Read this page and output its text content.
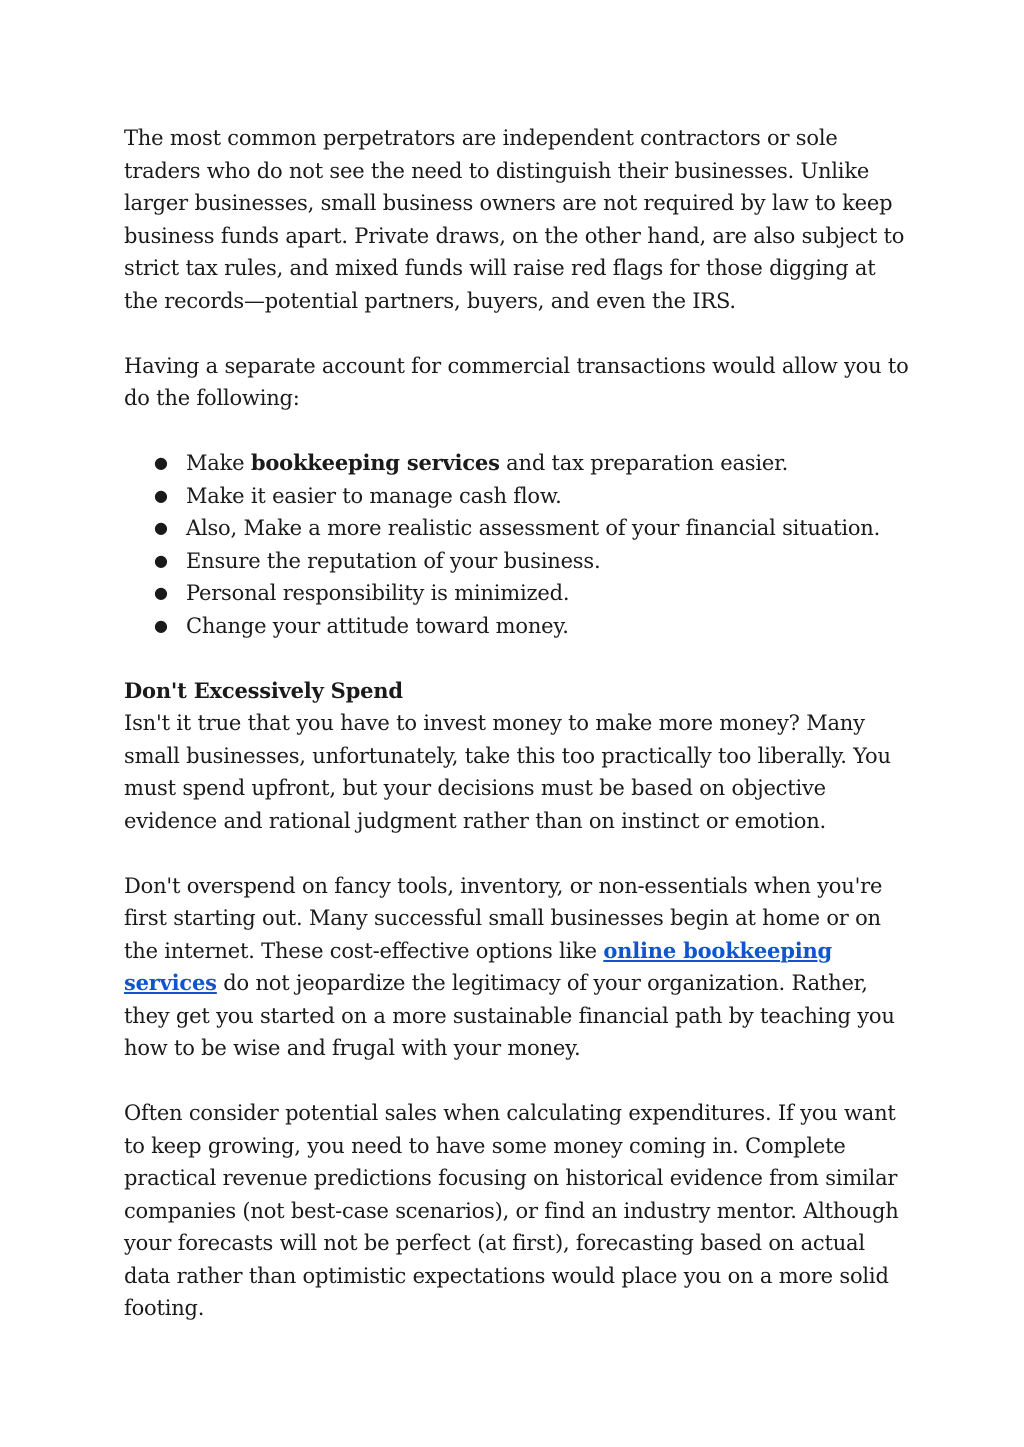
The most common perpetrators are independent contractors or sole traders who do not see the need to distinguish their businesses. Unlike larger businesses, small business owners are not required by law to keep business funds apart. Private draws, on the other hand, are also subject to strict tax rules, and mixed funds will raise red flags for those digging at the records—potential partners, buyers, and even the IRS.

Having a separate account for commercial transactions would allow you to do the following:

● Make bookkeeping services and tax preparation easier.
● Make it easier to manage cash flow.
● Also, Make a more realistic assessment of your financial situation.
● Ensure the reputation of your business.
● Personal responsibility is minimized.
● Change your attitude toward money.
Don't Excessively Spend

Isn't it true that you have to invest money to make more money? Many small businesses, unfortunately, take this too practically too liberally. You must spend upfront, but your decisions must be based on objective evidence and rational judgment rather than on instinct or emotion.

Don't overspend on fancy tools, inventory, or non-essentials when you're first starting out. Many successful small businesses begin at home or on the internet. These cost-effective options like online bookkeeping services do not jeopardize the legitimacy of your organization. Rather, they get you started on a more sustainable financial path by teaching you how to be wise and frugal with your money.

Often consider potential sales when calculating expenditures. If you want to keep growing, you need to have some money coming in. Complete practical revenue predictions focusing on historical evidence from similar companies (not best-case scenarios), or find an industry mentor. Although your forecasts will not be perfect (at first), forecasting based on actual data rather than optimistic expectations would place you on a more solid footing.
